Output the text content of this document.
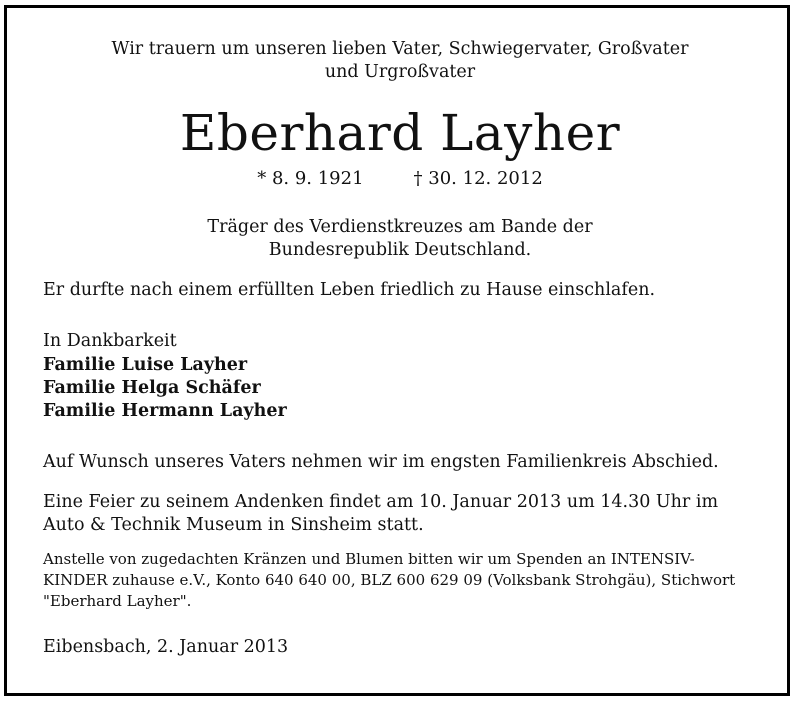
Wir trauern um unseren lieben Vater, Schwiegervater, Großvater
und Urgroßvater
Eberhard Layher
* 8. 9. 1921	† 30. 12. 2012
Träger des Verdienstkreuzes am Bande der
Bundesrepublik Deutschland.
Er durfte nach einem erfüllten Leben friedlich zu Hause einschlafen.
In Dankbarkeit
Familie Luise Layher
Familie Helga Schäfer
Familie Hermann Layher
Auf Wunsch unseres Vaters nehmen wir im engsten Familienkreis Abschied.
Eine Feier zu seinem Andenken findet am 10. Januar 2013 um 14.30 Uhr im
Auto & Technik Museum in Sinsheim statt.
Anstelle von zugedachten Kränzen und Blumen bitten wir um Spenden an INTENSIV-
KINDER zuhause e.V., Konto 640 640 00, BLZ 600 629 09 (Volksbank Strohgäu), Stichwort
"Eberhard Layher".
Eibensbach, 2. Januar 2013
